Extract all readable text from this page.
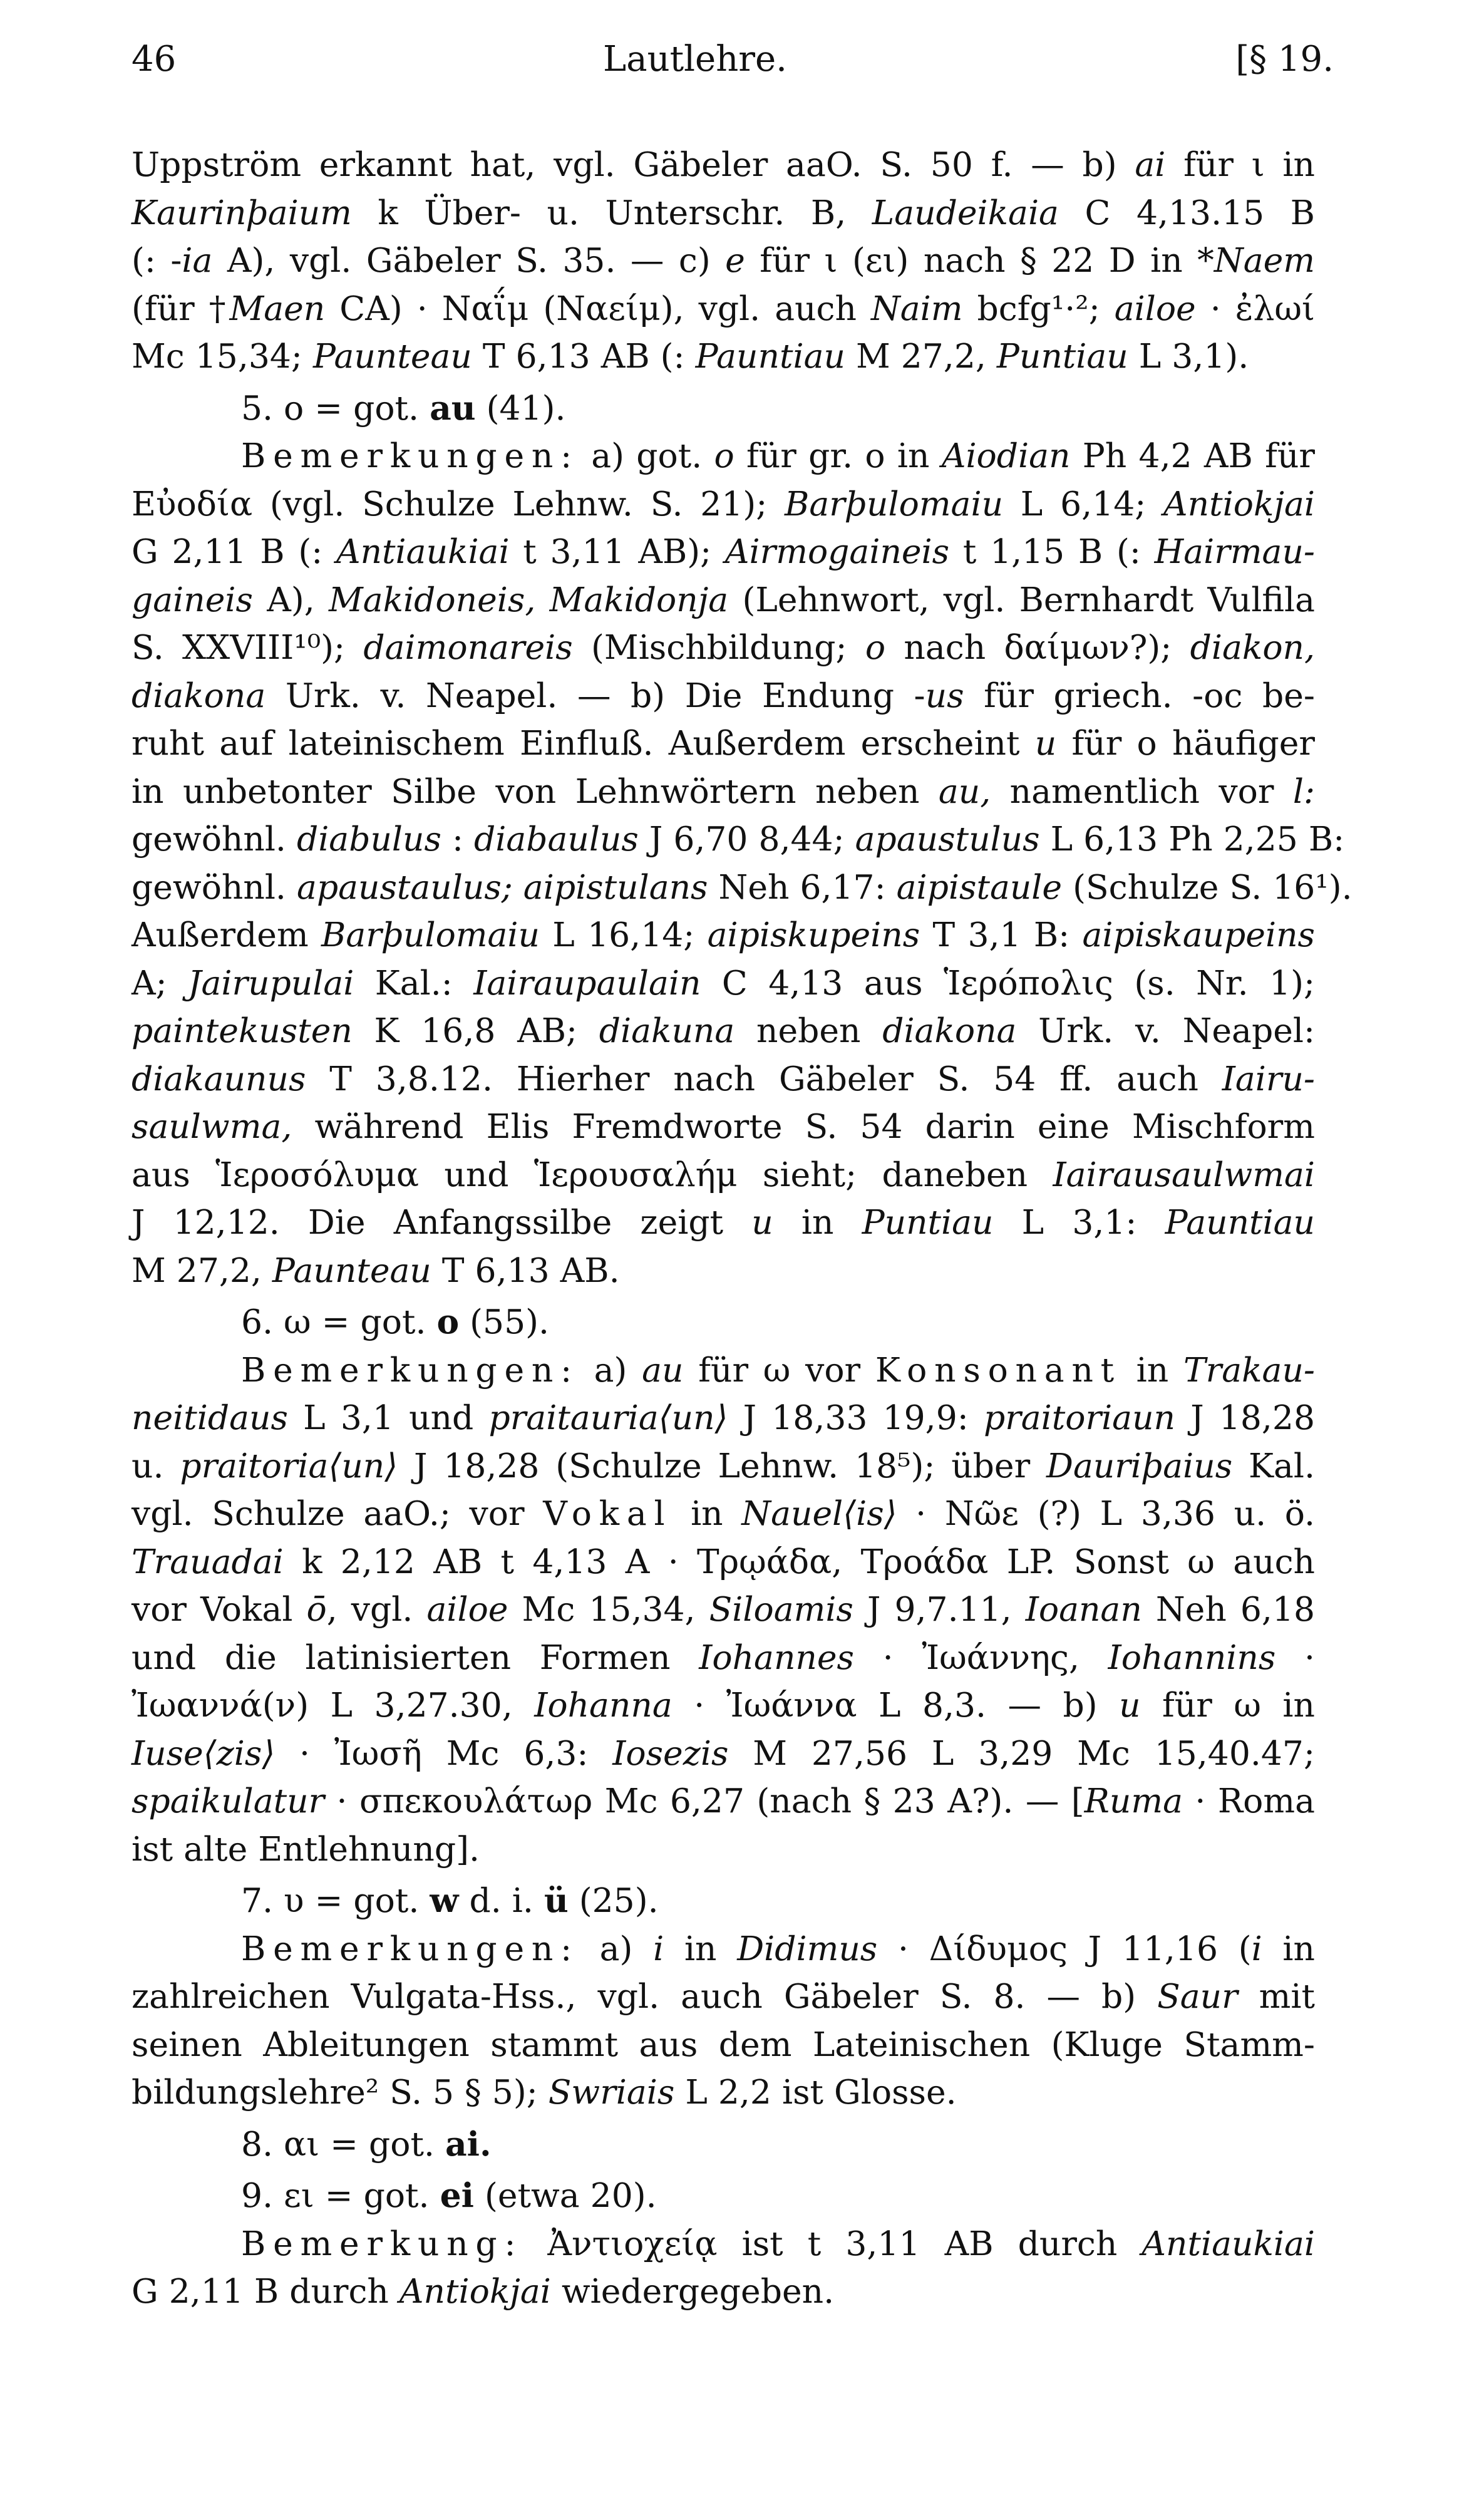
46	Lautlehre.	[§ 19.
Uppström erkannt hat, vgl. Gäbeler aaO. S. 50 f. — b) ai für ι in
Kaurinþaium k Über- u. Unterschr. B, Laudeikaia C 4,13.15 B
(: -ia A), vgl. Gäbeler S. 35. — c) e für ι (ει) nach § 22 D in *Naem
(für †Maen CA) · Ναΐμ (Ναείμ), vgl. auch Naim bcfg¹·²; ailoe · ἐλωί
Mc 15,34; Paunteau T 6,13 AB (: Pauntiau M 27,2, Puntiau L 3,1).
5. ο = got. au (41).
Bemerkungen: a) got. o für gr. ο in Aiodian Ph 4,2 AB für
Εὐοδία (vgl. Schulze Lehnw. S. 21); Barþulomaiu L 6,14; Antiokjai
G 2,11 B (: Antiaukiai t 3,11 AB); Airmogaineis t 1,15 B (: Hairmau-
gaineis A), Makidoneis, Makidonja (Lehnwort, vgl. Bernhardt Vulfila
S. XXVIII¹⁰); daimonareis (Mischbildung; o nach δαίμων?); diakon,
diakona Urk. v. Neapel. — b) Die Endung -us für griech. -οc be-
ruht auf lateinischem Einfluß. Außerdem erscheint u für ο häufiger
in unbetonter Silbe von Lehnwörtern neben au, namentlich vor l:
gewöhnl. diabulus : diabaulus J 6,70 8,44; apaustulus L 6,13 Ph 2,25 B:
gewöhnl. apaustaulus; aipistulans Neh 6,17: aipistaule (Schulze S. 16¹).
Außerdem Barþulomaiu L 16,14; aipiskupeins T 3,1 B: aipiskaupeins
A; Jairupulai Kal.: Iairaupaulain C 4,13 aus Ἱερόπολις (s. Nr. 1);
paintekusten K 16,8 AB; diakuna neben diakona Urk. v. Neapel:
diakaunus T 3,8.12. Hierher nach Gäbeler S. 54 ff. auch Iairu-
saulwma, während Elis Fremdworte S. 54 darin eine Mischform
aus Ἱεροσόλυμα und Ἱερουσαλήμ sieht; daneben Iairausaulwmai
J 12,12. Die Anfangssilbe zeigt u in Puntiau L 3,1: Pauntiau
M 27,2, Paunteau T 6,13 AB.
6. ω = got. o (55).
Bemerkungen: a) au für ω vor Konsonant in Trakau-
neitidaus L 3,1 und praitauria⟨un⟩ J 18,33 19,9: praitoriaun J 18,28
u. praitoria⟨un⟩ J 18,28 (Schulze Lehnw. 18⁵); über Dauriþaius Kal.
vgl. Schulze aaO.; vor Vokal in Nauel⟨is⟩ · Νῶε (?) L 3,36 u. ö.
Trauadai k 2,12 AB t 4,13 A · Τρῳάδα, Τροάδα LP. Sonst ω auch
vor Vokal ō, vgl. ailoe Mc 15,34, Siloamis J 9,7.11, Ioanan Neh 6,18
und die latinisierten Formen Iohannes · Ἰωάννης, Iohannins ·
Ἰωαννά(ν) L 3,27.30, Iohanna · Ἰωάννα L 8,3. — b) u für ω in
Iuse⟨zis⟩ · Ἰωσῆ Mc 6,3: Iosezis M 27,56 L 3,29 Mc 15,40.47;
spaikulatur · σπεκουλάτωρ Mc 6,27 (nach § 23 A?). — [Ruma · Roma
ist alte Entlehnung].
7. υ = got. w d. i. ü (25).
Bemerkungen: a) i in Didimus · Δίδυμος J 11,16 (i in
zahlreichen Vulgata-Hss., vgl. auch Gäbeler S. 8. — b) Saur mit
seinen Ableitungen stammt aus dem Lateinischen (Kluge Stamm-
bildungslehre² S. 5 § 5); Swriais L 2,2 ist Glosse.
8. αι = got. ai.
9. ει = got. ei (etwa 20).
Bemerkung: Ἀντιοχείᾳ ist t 3,11 AB durch Antiaukiai
G 2,11 B durch Antiokjai wiedergegeben.
